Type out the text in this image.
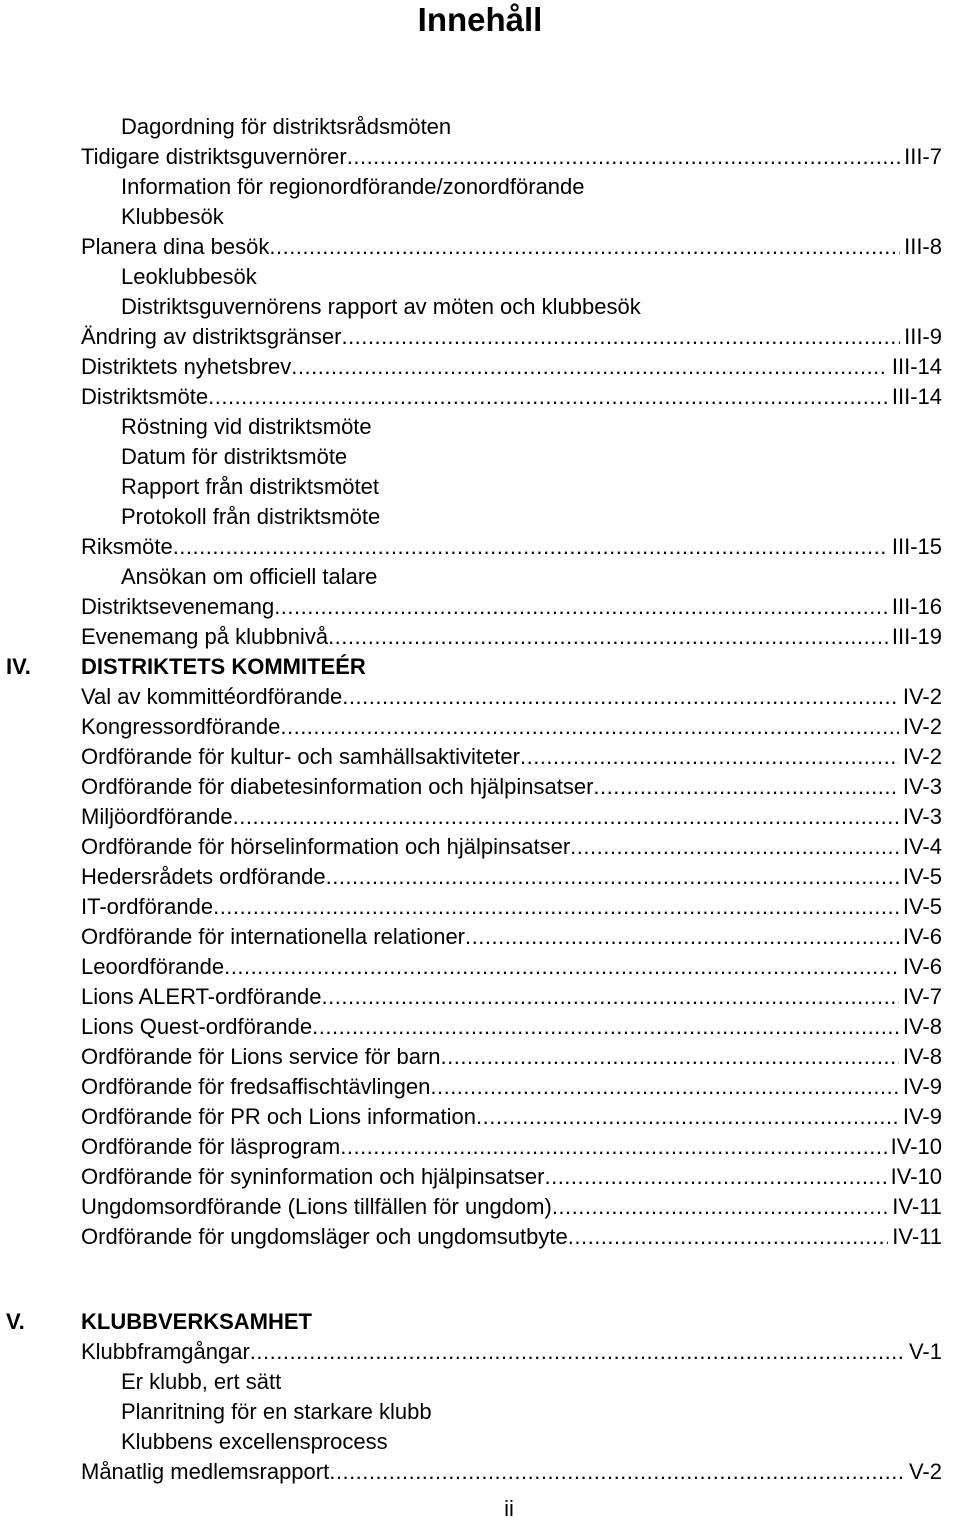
Innehåll
Dagordning för distriktsrådsmöten
Tidigare distriktsguvernörer .....	III-7
Information för regionordförande/zonordförande
Klubbesök
Planera dina besök .....	III-8
Leoklubbesök
Distriktsguvernörens rapport av möten och klubbesök
Ändring av distriktsgränser .....	III-9
Distriktets nyhetsbrev .....	III-14
Distriktsmöte .....	III-14
Röstning vid distriktsmöte
Datum för distriktsmöte
Rapport från distriktsmötet
Protokoll från distriktsmöte
Riksmöte .....	III-15
Ansökan om officiell talare
Distriktsevenemang .....	III-16
Evenemang på klubbnivå .....	III-19
IV. DISTRIKTETS KOMMITEÉR
Val av kommittéordförande .....	IV-2
Kongressordförande .....	IV-2
Ordförande för kultur- och samhällsaktiviteter .....	IV-2
Ordförande för diabetesinformation och hjälpinsatser .....	IV-3
Miljöordförande .....	IV-3
Ordförande för hörselinformation och hjälpinsatser .....	IV-4
Hedersrådets ordförande .....	IV-5
IT-ordförande .....	IV-5
Ordförande för internationella relationer .....	IV-6
Leoordförande .....	IV-6
Lions ALERT-ordförande .....	IV-7
Lions Quest-ordförande .....	IV-8
Ordförande för Lions service för barn .....	IV-8
Ordförande för fredsaffischtävlingen .....	IV-9
Ordförande för PR och Lions information .....	IV-9
Ordförande för läsprogram .....	IV-10
Ordförande för syninformation och hjälpinsatser .....	IV-10
Ungdomsordförande (Lions tillfällen för ungdom) .....	IV-11
Ordförande för ungdomsläger och ungdomsutbyte .....	IV-11
V.	KLUBBVERKSAMHET
Klubbframgångar .....	V-1
Er klubb, ert sätt
Planritning för en starkare klubb
Klubbens excellensprocess
Månatlig medlemsrapport .....	V-2
ii
